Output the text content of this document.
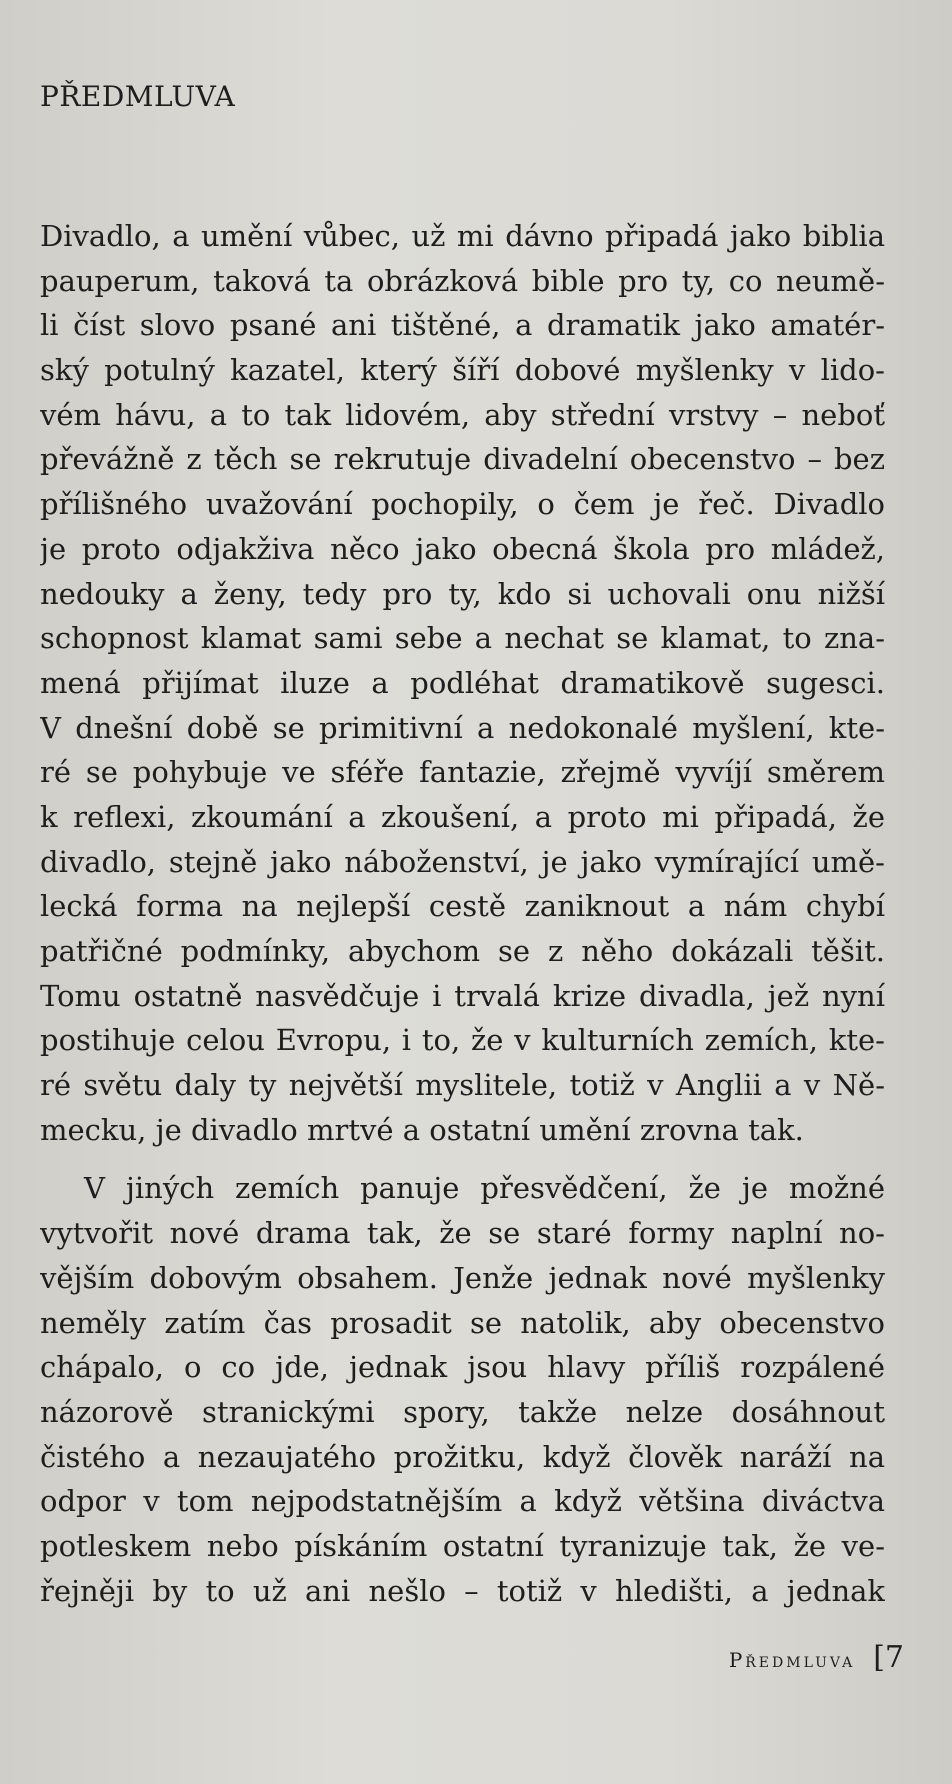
PŘEDMLUVA
Divadlo, a umění vůbec, už mi dávno připadá jako biblia
pauperum, taková ta obrázková bible pro ty, co neumě-
li číst slovo psané ani tištěné, a dramatik jako amatér-
ský potulný kazatel, který šíří dobové myšlenky v lido-
vém hávu, a to tak lidovém, aby střední vrstvy – neboť
převážně z těch se rekrutuje divadelní obecenstvo – bez
přílišného uvažování pochopily, o čem je řeč. Divadlo
je proto odjakživa něco jako obecná škola pro mládež,
nedouky a ženy, tedy pro ty, kdo si uchovali onu nižší
schopnost klamat sami sebe a nechat se klamat, to zna-
mená přijímat iluze a podléhat dramatikově sugesci.
V dnešní době se primitivní a nedokonalé myšlení, kte-
ré se pohybuje ve sféře fantazie, zřejmě vyvíjí směrem
k reflexi, zkoumání a zkoušení, a proto mi připadá, že
divadlo, stejně jako náboženství, je jako vymírající umě-
lecká forma na nejlepší cestě zaniknout a nám chybí
patřičné podmínky, abychom se z něho dokázali těšit.
Tomu ostatně nasvědčuje i trvalá krize divadla, jež nyní
postihuje celou Evropu, i to, že v kulturních zemích, kte-
ré světu daly ty největší myslitele, totiž v Anglii a v Ně-
mecku, je divadlo mrtvé a ostatní umění zrovna tak.
V jiných zemích panuje přesvědčení, že je možné
vytvořit nové drama tak, že se staré formy naplní no-
vějším dobovým obsahem. Jenže jednak nové myšlenky
neměly zatím čas prosadit se natolik, aby obecenstvo
chápalo, o co jde, jednak jsou hlavy příliš rozpálené
názorově stranickými spory, takže nelze dosáhnout
čistého a nezaujatého prožitku, když člověk naráží na
odpor v tom nejpodstatnějším a když většina diváctva
potleskem nebo pískáním ostatní tyranizuje tak, že ve-
řejněji by to už ani nešlo – totiž v hledišti, a jednak
Předmluva [7
